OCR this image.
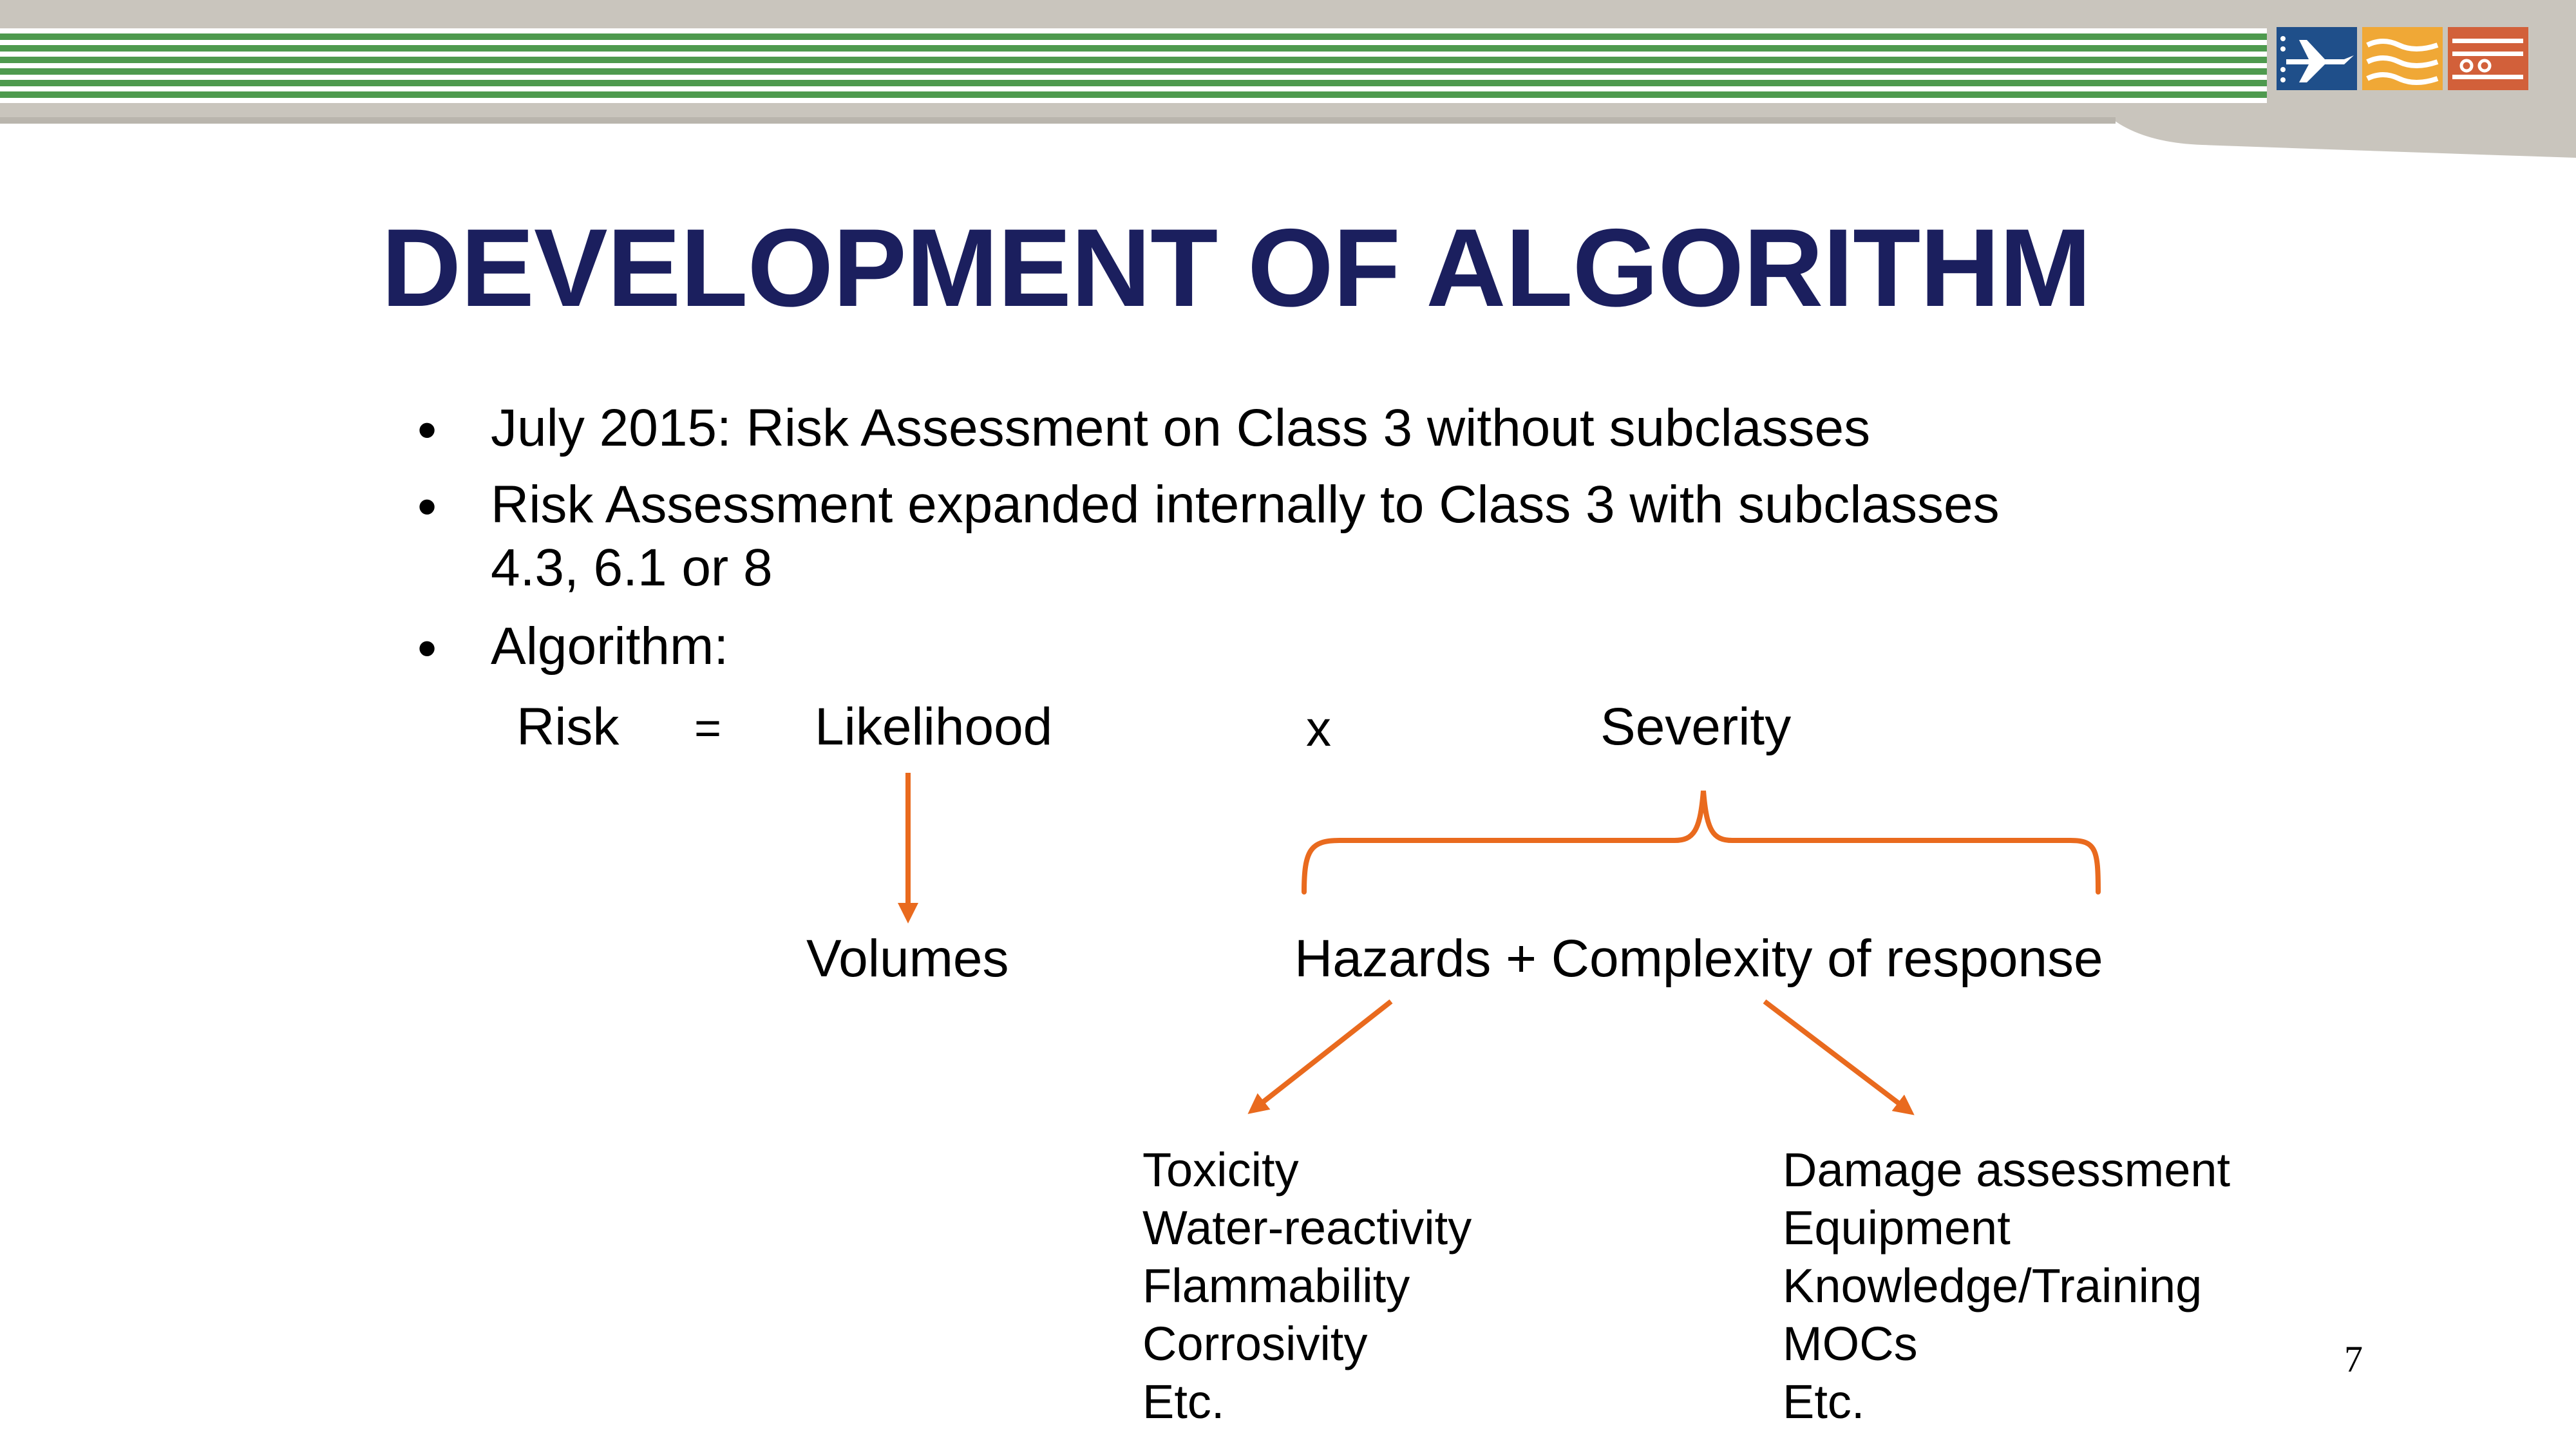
DEVELOPMENT OF ALGORITHM
• July 2015: Risk Assessment on Class 3 without subclasses
• Risk Assessment expanded internally to Class 3 with subclasses 4.3, 6.1 or 8
• Algorithm:
Risk = Likelihood	x	Severity
Volumes	Hazards + Complexity of response
Toxicity
Water-reactivity
Flammability
Corrosivity
Etc.
Damage assessment
Equipment
Knowledge/Training
MOCs
Etc.
7
